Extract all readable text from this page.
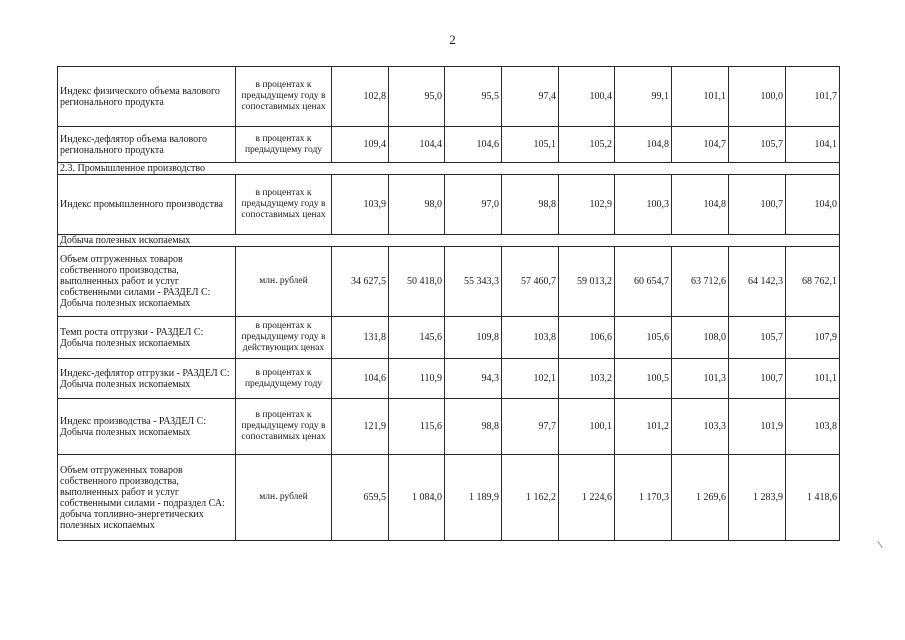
2
Индекс физического объема валового регионального продукта	в процентах к предыдущему году в сопоставимых ценах	102,8	95,0	95,5	97,4	100,4	99,1	101,1	100,0	101,7
Индекс-дефлятор объема валового регионального продукта	в процентах к предыдущему году	109,4	104,4	104,6	105,1	105,2	104,8	104,7	105,7	104,1
2.3. Промышленное производство										
Индекс промышленного производства	в процентах к предыдущему году в сопоставимых ценах	103,9	98,0	97,0	98,8	102,9	100,3	104,8	100,7	104,0
Добыча полезных ископаемых										
Объем отгруженных товаров собственного производства, выполненных работ и услуг собственными силами - РАЗДЕЛ С: Добыча полезных ископаемых	млн. рублей	34 627,5	50 418,0	55 343,3	57 460,7	59 013,2	60 654,7	63 712,6	64 142,3	68 762,1
Темп роста отгрузки - РАЗДЕЛ С: Добыча полезных ископаемых	в процентах к предыдущему году в действующих ценах	131,8	145,6	109,8	103,8	106,6	105,6	108,0	105,7	107,9
Индекс-дефлятор отгрузки - РАЗДЕЛ С: Добыча полезных ископаемых	в процентах к предыдущему году	104,6	110,9	94,3	102,1	103,2	100,5	101,3	100,7	101,1
Индекс производства - РАЗДЕЛ С: Добыча полезных ископаемых	в процентах к предыдущему году в сопоставимых ценах	121,9	115,6	98,8	97,7	100,1	101,2	103,3	101,9	103,8
Объем отгруженных товаров собственного производства, выполненных работ и услуг собственными силами - подраздел СА: добыча топливно-энергетических полезных ископаемых	млн. рублей	659,5	1 084,0	1 189,9	1 162,2	1 224,6	1 170,3	1 269,6	1 283,9	1 418,6
